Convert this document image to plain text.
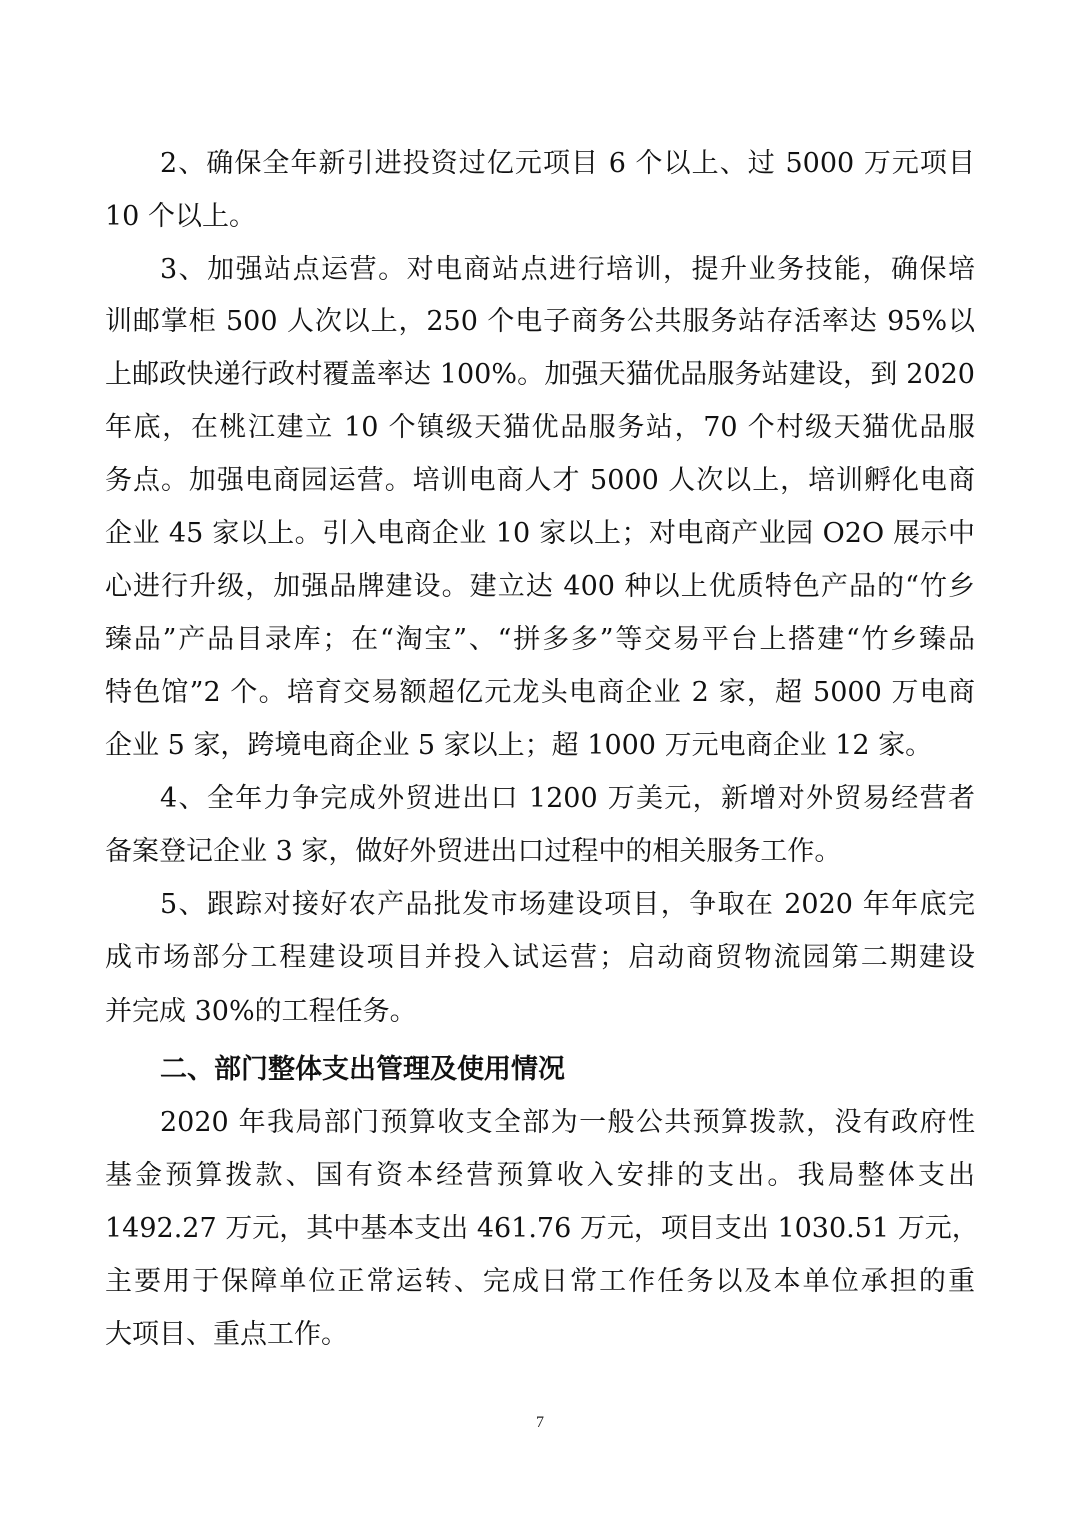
2、确保全年新引进投资过亿元项目 6 个以上、过 5000 万元项目
10 个以上。
3、加强站点运营。对电商站点进行培训，提升业务技能，确保培
训邮掌柜 500 人次以上，250 个电子商务公共服务站存活率达 95%以
上邮政快递行政村覆盖率达 100%。加强天猫优品服务站建设，到 2020
年底，在桃江建立 10 个镇级天猫优品服务站，70 个村级天猫优品服
务点。加强电商园运营。培训电商人才 5000 人次以上，培训孵化电商
企业 45 家以上。引入电商企业 10 家以上；对电商产业园 O2O 展示中
心进行升级，加强品牌建设。建立达 400 种以上优质特色产品的“竹乡
臻品”产品目录库；在“淘宝”、“拼多多”等交易平台上搭建“竹乡臻品
特色馆”2 个。培育交易额超亿元龙头电商企业 2 家，超 5000 万电商
企业 5 家，跨境电商企业 5 家以上；超 1000 万元电商企业 12 家。
4、全年力争完成外贸进出口 1200 万美元，新增对外贸易经营者
备案登记企业 3 家，做好外贸进出口过程中的相关服务工作。
5、跟踪对接好农产品批发市场建设项目，争取在 2020 年年底完
成市场部分工程建设项目并投入试运营；启动商贸物流园第二期建设
并完成 30%的工程任务。
二、部门整体支出管理及使用情况
2020 年我局部门预算收支全部为一般公共预算拨款，没有政府性
基金预算拨款、国有资本经营预算收入安排的支出。我局整体支出
1492.27 万元，其中基本支出 461.76 万元，项目支出 1030.51 万元，
主要用于保障单位正常运转、完成日常工作任务以及本单位承担的重
大项目、重点工作。
7
